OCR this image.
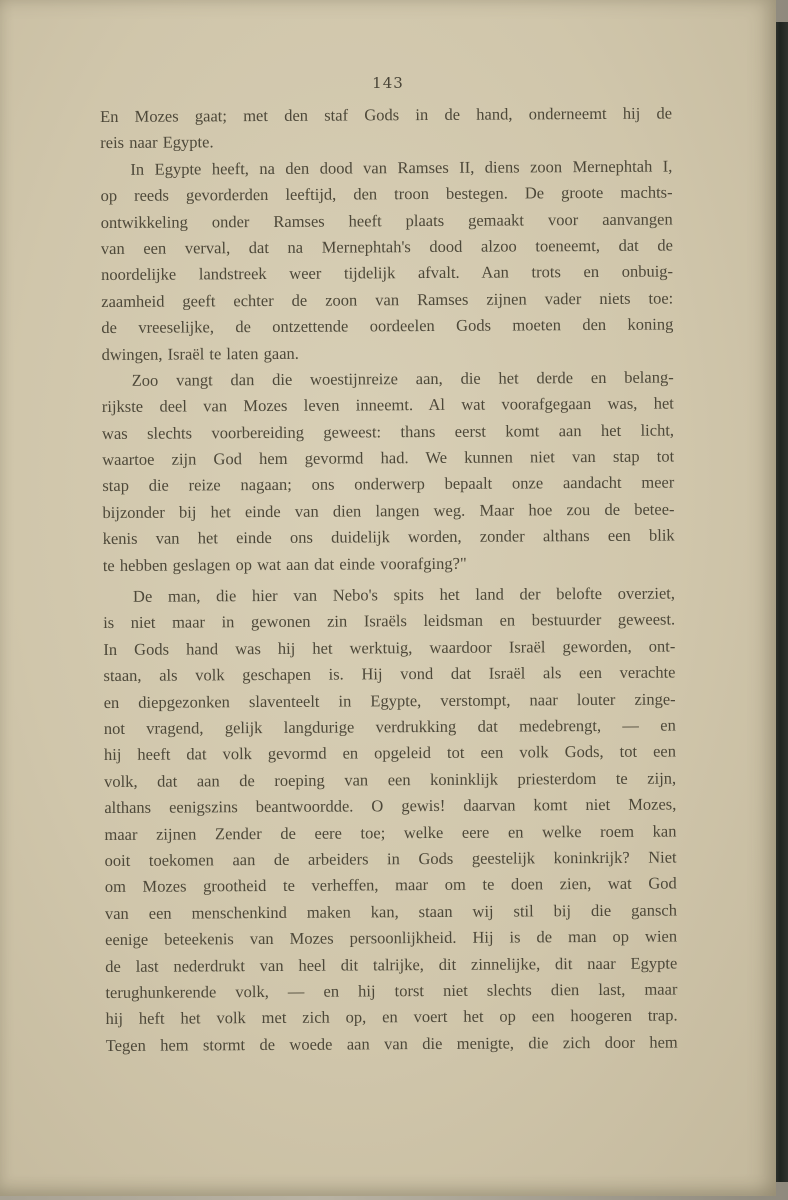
143
En Mozes gaat; met den staf Gods in de hand, onderneemt hij de
reis naar Egypte.
In Egypte heeft, na den dood van Ramses II, diens zoon Mernephtah I,
op reeds gevorderden leeftijd, den troon bestegen. De groote machts-
ontwikkeling onder Ramses heeft plaats gemaakt voor aanvangen
van een verval, dat na Mernephtah's dood alzoo toeneemt, dat de
noordelijke landstreek weer tijdelijk afvalt. Aan trots en onbuig-
zaamheid geeft echter de zoon van Ramses zijnen vader niets toe:
de vreeselijke, de ontzettende oordeelen Gods moeten den koning
dwingen, Israël te laten gaan.
Zoo vangt dan die woestijnreize aan, die het derde en belang-
rijkste deel van Mozes leven inneemt. Al wat voorafgegaan was, het
was slechts voorbereiding geweest: thans eerst komt aan het licht,
waartoe zijn God hem gevormd had. We kunnen niet van stap tot
stap die reize nagaan; ons onderwerp bepaalt onze aandacht meer
bijzonder bij het einde van dien langen weg. Maar hoe zou de betee-
kenis van het einde ons duidelijk worden, zonder althans een blik
te hebben geslagen op wat aan dat einde voorafging?"
De man, die hier van Nebo's spits het land der belofte overziet,
is niet maar in gewonen zin Israëls leidsman en bestuurder geweest.
In Gods hand was hij het werktuig, waardoor Israël geworden, ont-
staan, als volk geschapen is. Hij vond dat Israël als een verachte
en diepgezonken slaventeelt in Egypte, verstompt, naar louter zinge-
not vragend, gelijk langdurige verdrukking dat medebrengt, — en
hij heeft dat volk gevormd en opgeleid tot een volk Gods, tot een
volk, dat aan de roeping van een koninklijk priesterdom te zijn,
althans eenigszins beantwoordde. O gewis! daarvan komt niet Mozes,
maar zijnen Zender de eere toe; welke eere en welke roem kan
ooit toekomen aan de arbeiders in Gods geestelijk koninkrijk? Niet
om Mozes grootheid te verheffen, maar om te doen zien, wat God
van een menschenkind maken kan, staan wij stil bij die gansch
eenige beteekenis van Mozes persoonlijkheid. Hij is de man op wien
de last nederdrukt van heel dit talrijke, dit zinnelijke, dit naar Egypte
terughunkerende volk, — en hij torst niet slechts dien last, maar
hij heft het volk met zich op, en voert het op een hoogeren trap.
Tegen hem stormt de woede aan van die menigte, die zich door hem
